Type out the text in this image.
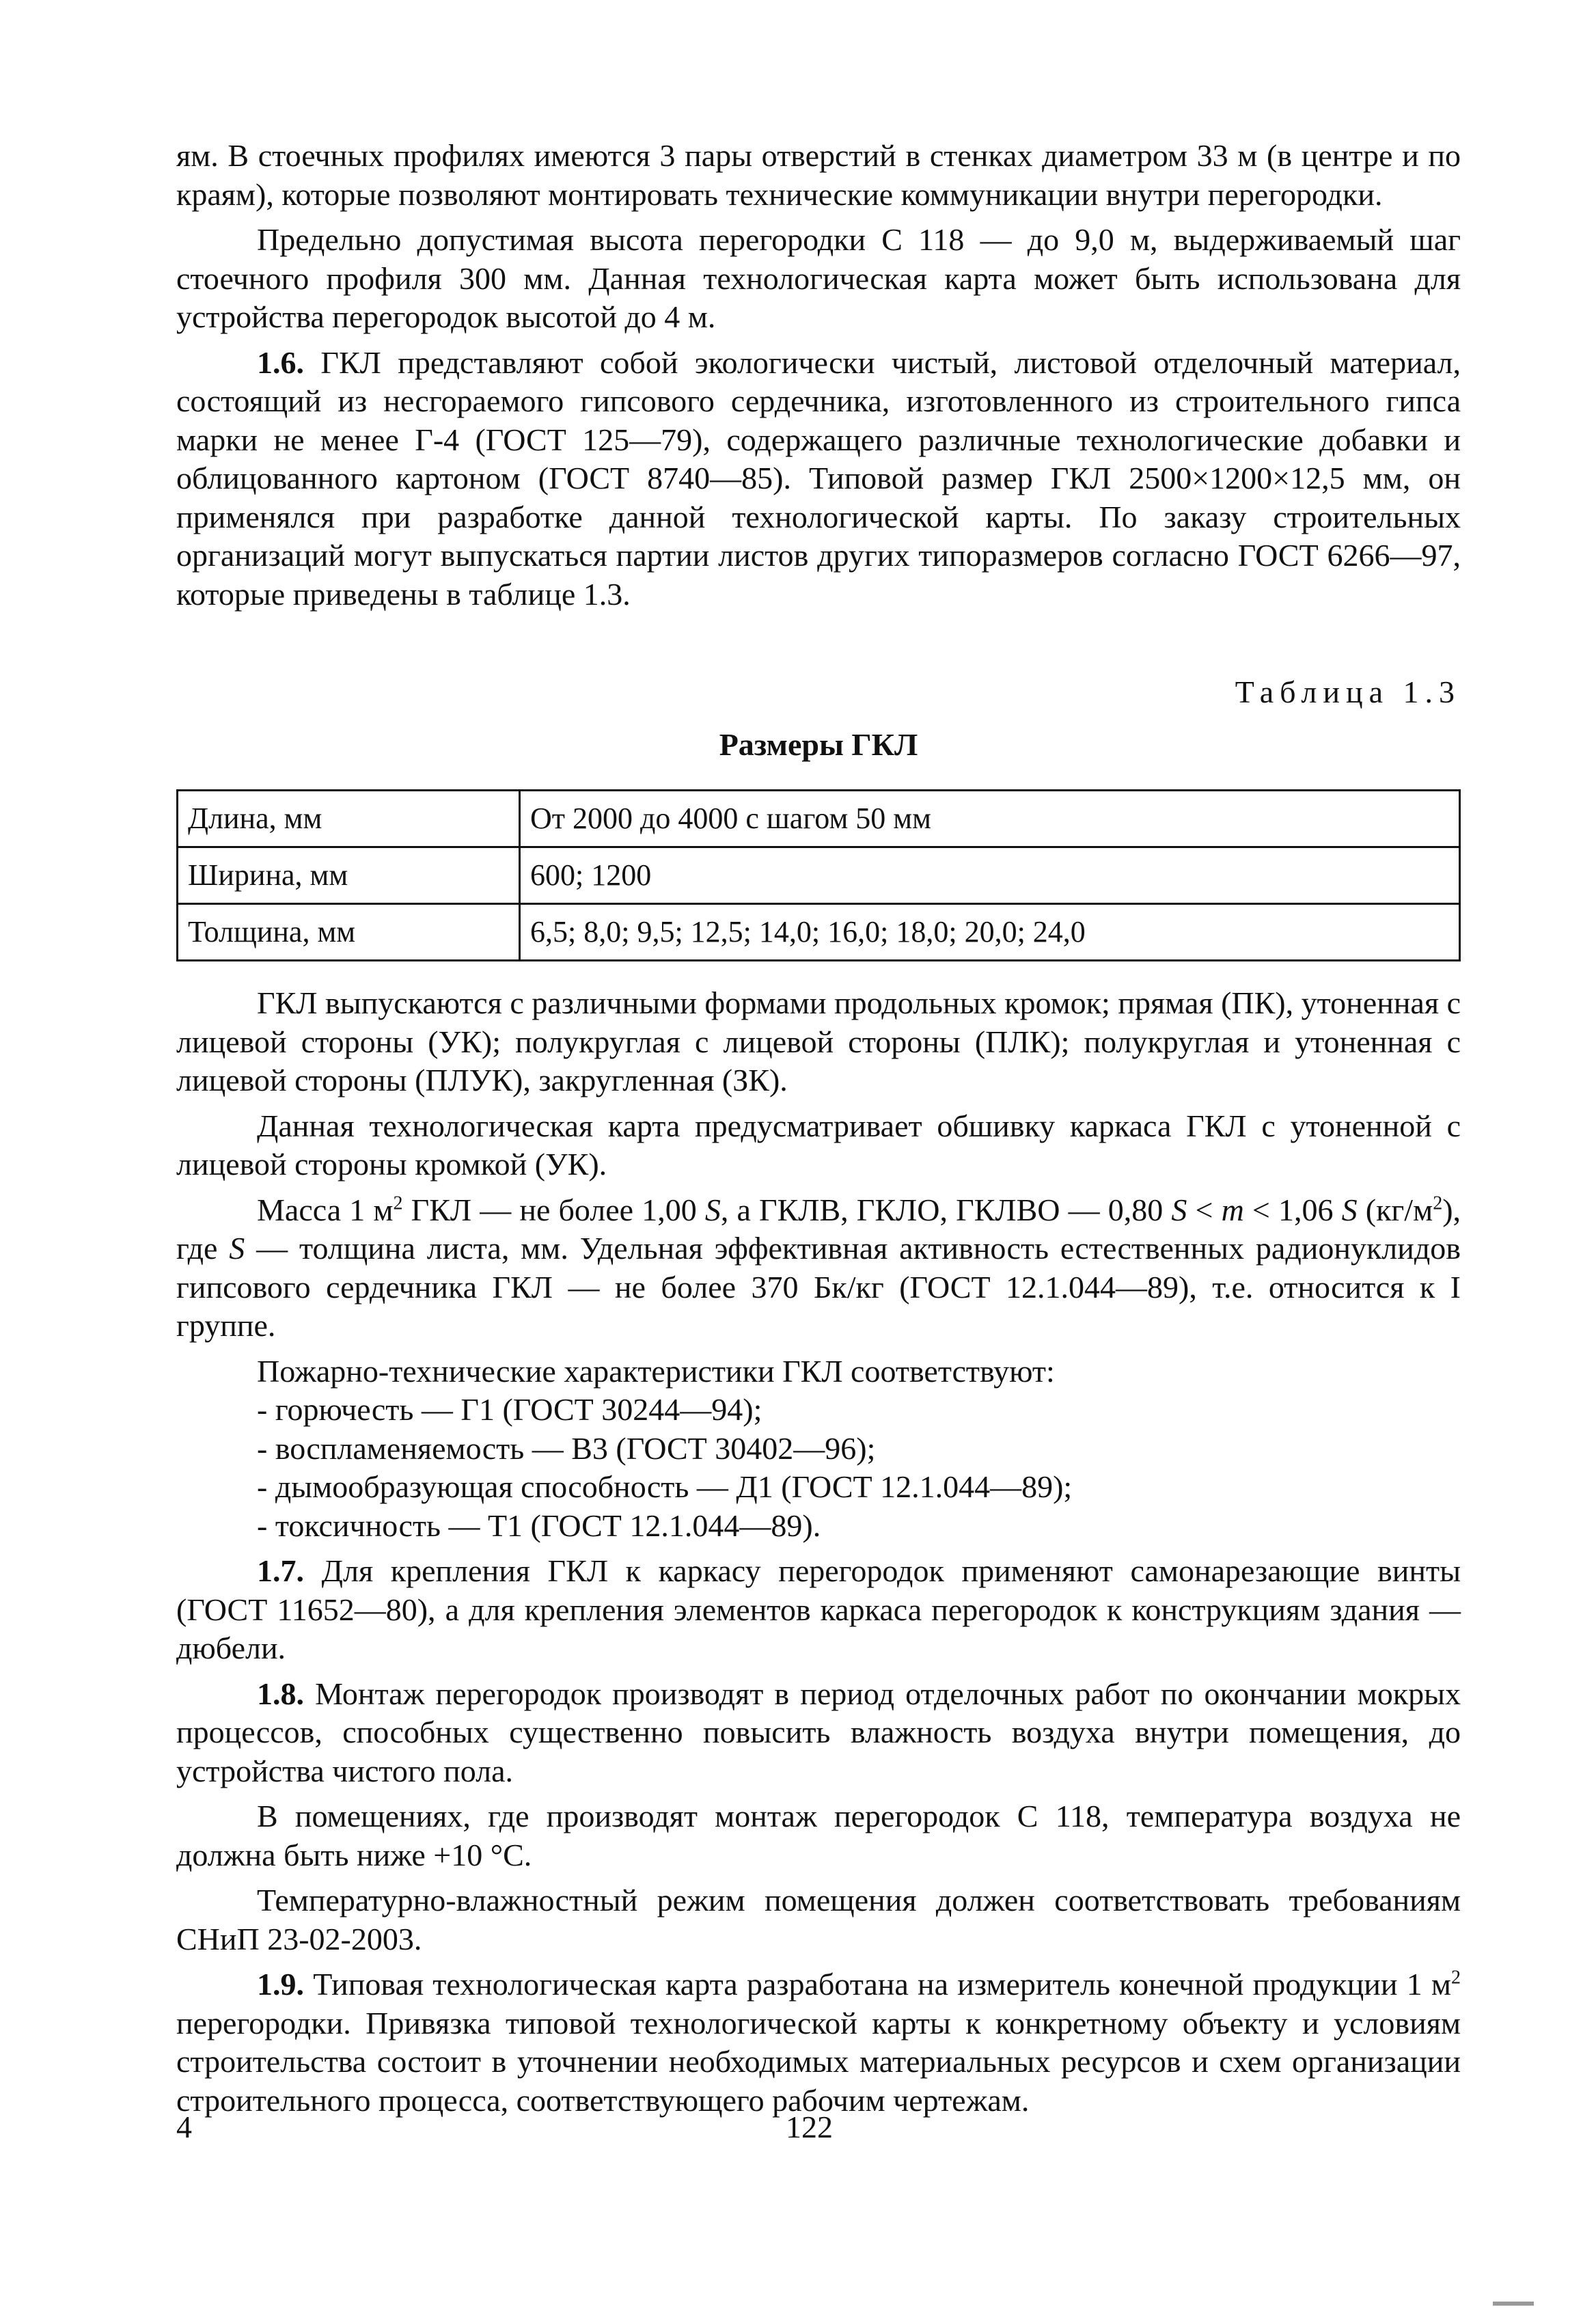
ям. В стоечных профилях имеются 3 пары отверстий в стенках диаметром 33 м (в центре и по краям), которые позволяют монтировать технические коммуникации внутри перегородки.

Предельно допустимая высота перегородки С 118 — до 9,0 м, выдерживаемый шаг стоечного профиля 300 мм. Данная технологическая карта может быть использована для устройства перегородок высотой до 4 м.

1.6. ГКЛ представляют собой экологически чистый, листовой отделочный материал, состоящий из несгораемого гипсового сердечника, изготовленного из строительного гипса марки не менее Г-4 (ГОСТ 125—79), содержащего различные технологические добавки и облицованного картоном (ГОСТ 8740—85). Типовой размер ГКЛ 2500×1200×12,5 мм, он применялся при разработке данной технологической карты. По заказу строительных организаций могут выпускаться партии листов других типоразмеров согласно ГОСТ 6266—97, которые приведены в таблице 1.3.

Таблица 1.3
Размеры ГКЛ
Длина, мм	От 2000 до 4000 с шагом 50 мм
Ширина, мм	600; 1200
Толщина, мм	6,5; 8,0; 9,5; 12,5; 14,0; 16,0; 18,0; 20,0; 24,0

ГКЛ выпускаются с различными формами продольных кромок; прямая (ПК), утоненная с лицевой стороны (УК); полукруглая с лицевой стороны (ПЛК); полукруглая и утоненная с лицевой стороны (ПЛУК), закругленная (ЗК).

Данная технологическая карта предусматривает обшивку каркаса ГКЛ с утоненной с лицевой стороны кромкой (УК).

Масса 1 $м^2$ ГКЛ — не более 1,00 S, а ГКЛВ, ГКЛО, ГКЛВО — 0,80 S < m < 1,06 S $(кг/м^2)$, где S — толщина листа, мм. Удельная эффективная активность естественных радионуклидов гипсового сердечника ГКЛ — не более 370 Бк/кг (ГОСТ 12.1.044—89), т.е. относится к I группе.

Пожарно-технические характеристики ГКЛ соответствуют:

- горючесть — Г1 (ГОСТ 30244—94);

- воспламеняемость — В3 (ГОСТ 30402—96);

- дымообразующая способность — Д1 (ГОСТ 12.1.044—89);

- токсичность — Т1 (ГОСТ 12.1.044—89).

1.7. Для крепления ГКЛ к каркасу перегородок применяют самонарезающие винты (ГОСТ 11652—80), а для крепления элементов каркаса перегородок к конструкциям здания — дюбели.

1.8. Монтаж перегородок производят в период отделочных работ по окончании мокрых процессов, способных существенно повысить влажность воздуха внутри помещения, до устройства чистого пола.

В помещениях, где производят монтаж перегородок С 118, температура воздуха не должна быть ниже +10 °С.

Температурно-влажностный режим помещения должен соответствовать требованиям СНиП 23-02-2003.

1.9. Типовая технологическая карта разработана на измеритель конечной продукции 1 $м^2$ перегородки. Привязка типовой технологической карты к конкретному объекту и условиям строительства состоит в уточнении необходимых материальных ресурсов и схем организации строительного процесса, соответствующего рабочим чертежам.

4	122
